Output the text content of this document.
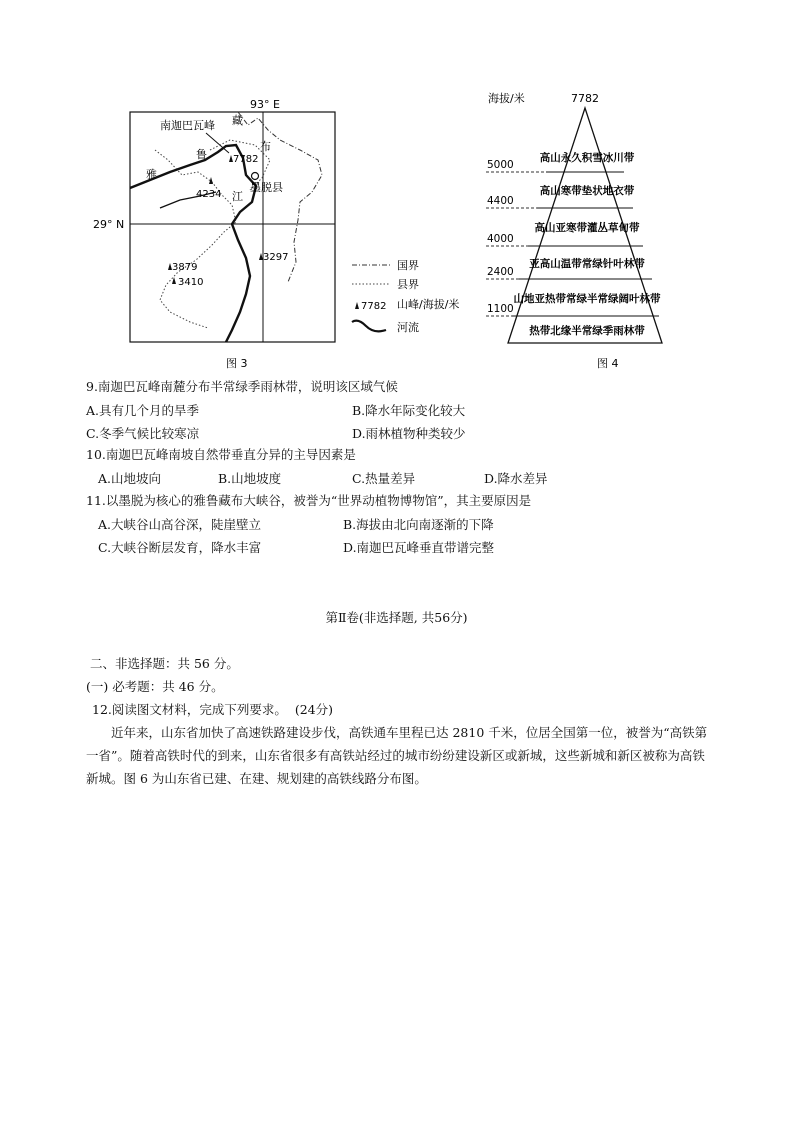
93° E
29° N
南迦巴瓦峰
雅
鲁
藏
布
江
墨脱县
7782
4234
3879
3410
3297
国界
县界
7782 山峰/海拔/米
河流
图 3
海拔/米	7782
5000
4400
4000
2400
1100
高山永久积雪冰川带
高山寒带垫状地衣带
高山亚寒带灌丛草甸带
亚高山温带常绿针叶林带
山地亚热带常绿半常绿阔叶林带
热带北缘半常绿季雨林带
图 4
9.南迦巴瓦峰南麓分布半常绿季雨林带，说明该区域气候
A.具有几个月的旱季	B.降水年际变化较大
C.冬季气候比较寒凉	D.雨林植物种类较少
10.南迦巴瓦峰南坡自然带垂直分异的主导因素是
A.山地坡向	B.山地坡度	C.热量差异	D.降水差异
11.以墨脱为核心的雅鲁藏布大峡谷，被誉为“世界动植物博物馆”，其主要原因是
A.大峡谷山高谷深，陡崖壁立	B.海拔由北向南逐渐的下降
C.大峡谷断层发育，降水丰富	D.南迦巴瓦峰垂直带谱完整
第Ⅱ卷(非选择题, 共56分)
二、非选择题：共 56 分。
(一) 必考题：共 46 分。
12.阅读图文材料，完成下列要求。  (24分)
近年来，山东省加快了高速铁路建设步伐，高铁通车里程已达 2810 千米，位居全国第一位，被誉为“高铁第一省”。随着高铁时代的到来，山东省很多有高铁站经过的城市纷纷建设新区或新城，这些新城和新区被称为高铁新城。图 6 为山东省已建、在建、规划建的高铁线路分布图。
